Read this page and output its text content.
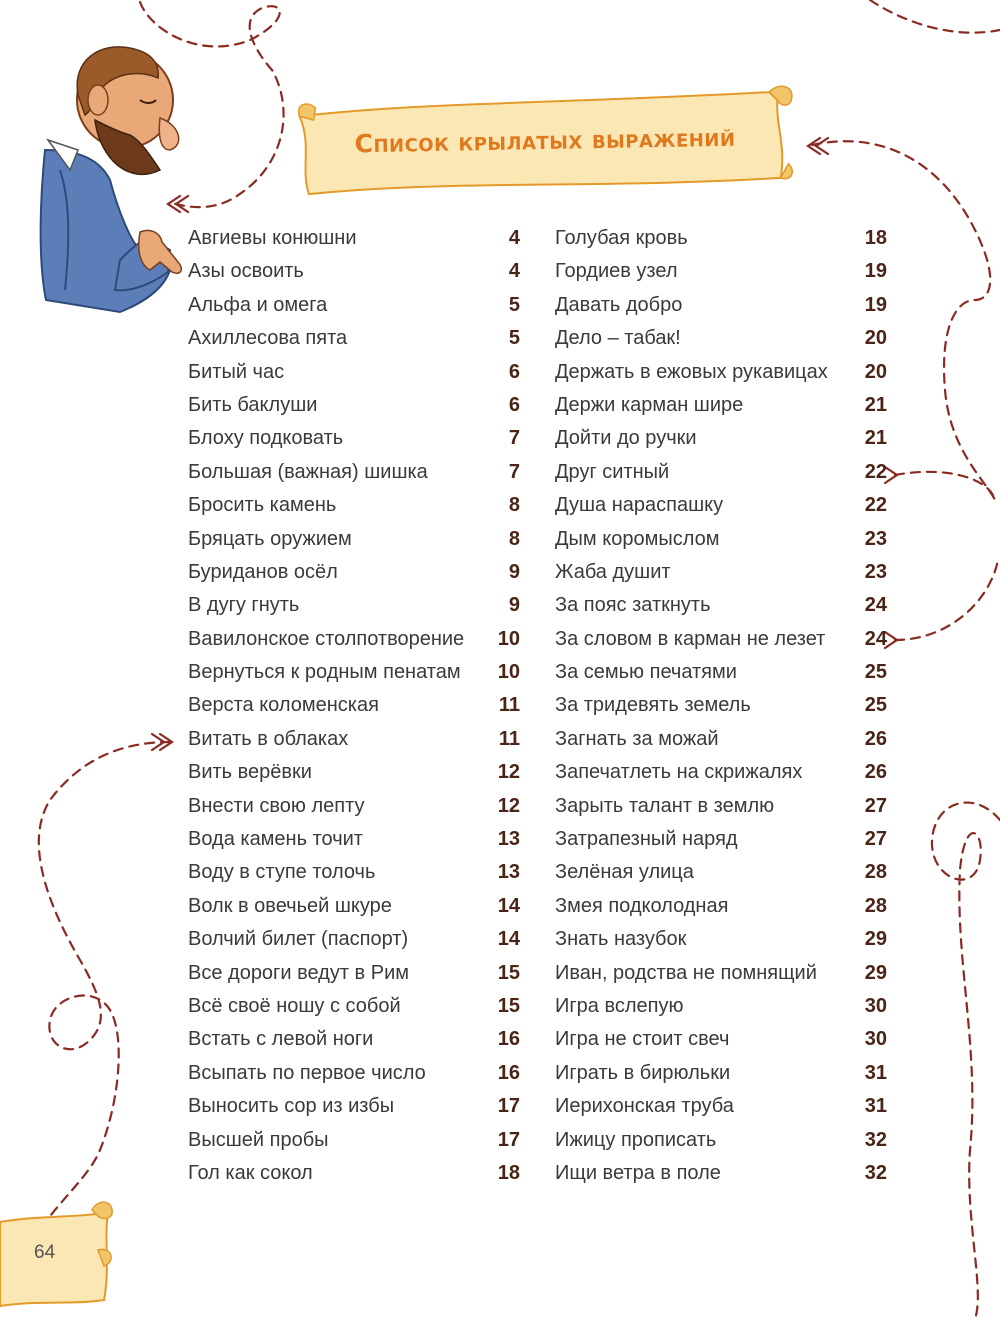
Список крылатых выражений
Авгиевы конюшни	4
Азы освоить	4
Альфа и омега	5
Ахиллесова пята	5
Битый час	6
Бить баклуши	6
Блоху подковать	7
Большая (важная) шишка	7
Бросить камень	8
Бряцать оружием	8
Буриданов осёл	9
В дугу гнуть	9
Вавилонское столпотворение 10
Вернуться к родным пенатам 10
Верста коломенская	11
Витать в облаках	11
Вить верёвки	12
Внести свою лепту	12
Вода камень точит	13
Воду в ступе толочь	13
Волк в овечьей шкуре	14
Волчий билет (паспорт)	14
Все дороги ведут в Рим	15
Всё своё ношу с собой	15
Встать с левой ноги	16
Всыпать по первое число	16
Выносить сор из избы	17
Высшей пробы	17
Гол как сокол	18
Голубая кровь	18
Гордиев узел	19
Давать добро	19
Дело – табак!	20
Держать в ежовых рукавицах 20
Держи карман шире	21
Дойти до ручки	21
Друг ситный	22
Душа нараспашку	22
Дым коромыслом	23
Жаба душит	23
За пояс заткнуть	24
За словом в карман не лезет 24
За семью печатями	25
За тридевять земель	25
Загнать за можай	26
Запечатлеть на скрижалях	26
Зарыть талант в землю	27
Затрапезный наряд	27
Зелёная улица	28
Змея подколодная	28
Знать назубок	29
Иван, родства не помнящий 29
Игра вслепую	30
Игра не стоит свеч	30
Играть в бирюльки	31
Иерихонская труба	31
Ижицу прописать	32
Ищи ветра в поле	32
64
